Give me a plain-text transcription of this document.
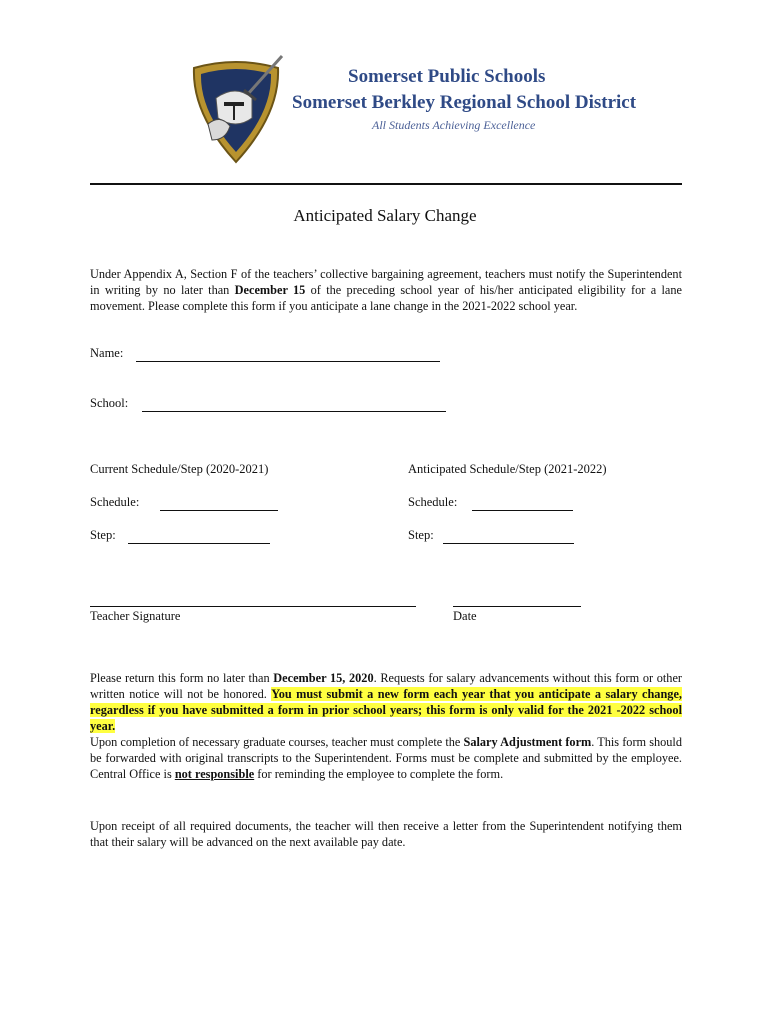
Somerset Public Schools
Somerset Berkley Regional School District
All Students Achieving Excellence
Anticipated Salary Change
Under Appendix A, Section F of the teachers’ collective bargaining agreement, teachers must notify the Superintendent in writing by no later than December 15 of the preceding school year of his/her anticipated eligibility for a lane movement. Please complete this form if you anticipate a lane change in the 2021-2022 school year.
Name:
School:
Current Schedule/Step (2020-2021)
Schedule:
Step:
Anticipated Schedule/Step (2021-2022)
Schedule:
Step:
Teacher Signature	Date
Please return this form no later than December 15, 2020. Requests for salary advancements without this form or other written notice will not be honored. You must submit a new form each year that you anticipate a salary change, regardless if you have submitted a form in prior school years; this form is only valid for the 2021 -2022 school year.
Upon completion of necessary graduate courses, teacher must complete the Salary Adjustment form. This form should be forwarded with original transcripts to the Superintendent. Forms must be complete and submitted by the employee. Central Office is not responsible for reminding the employee to complete the form.
Upon receipt of all required documents, the teacher will then receive a letter from the Superintendent notifying them that their salary will be advanced on the next available pay date.
